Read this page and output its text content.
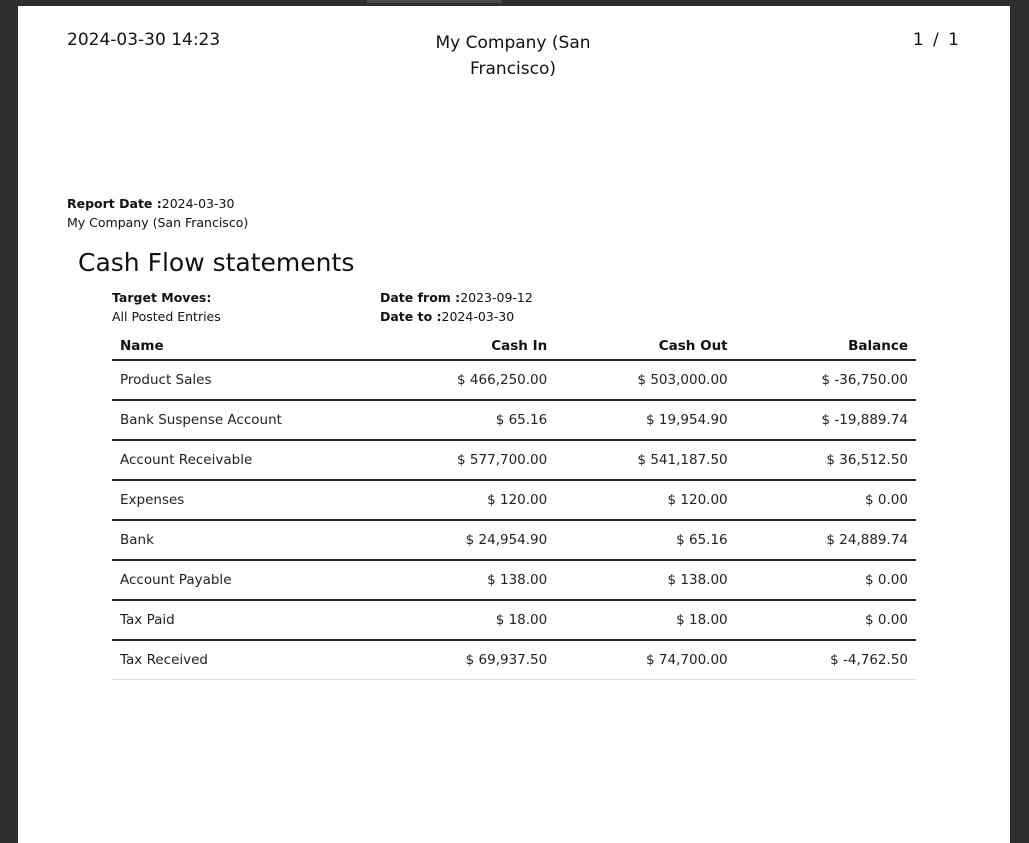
2024-03-30 14:23	My Company (San Francisco)
1 / 1
Report Date :2024-03-30
My Company (San Francisco)
Cash Flow statements
Target Moves:
All Posted Entries
Date from :2023-09-12
Date to :2024-03-30
Name	Cash In	Cash Out	Balance
Product Sales	$ 466,250.00	$ 503,000.00	$ -36,750.00
Bank Suspense Account	$ 65.16	$ 19,954.90	$ -19,889.74
Account Receivable	$ 577,700.00	$ 541,187.50	$ 36,512.50
Expenses	$ 120.00	$ 120.00	$ 0.00
Bank	$ 24,954.90	$ 65.16	$ 24,889.74
Account Payable	$ 138.00	$ 138.00	$ 0.00
Tax Paid	$ 18.00	$ 18.00	$ 0.00
Tax Received	$ 69,937.50	$ 74,700.00	$ -4,762.50
